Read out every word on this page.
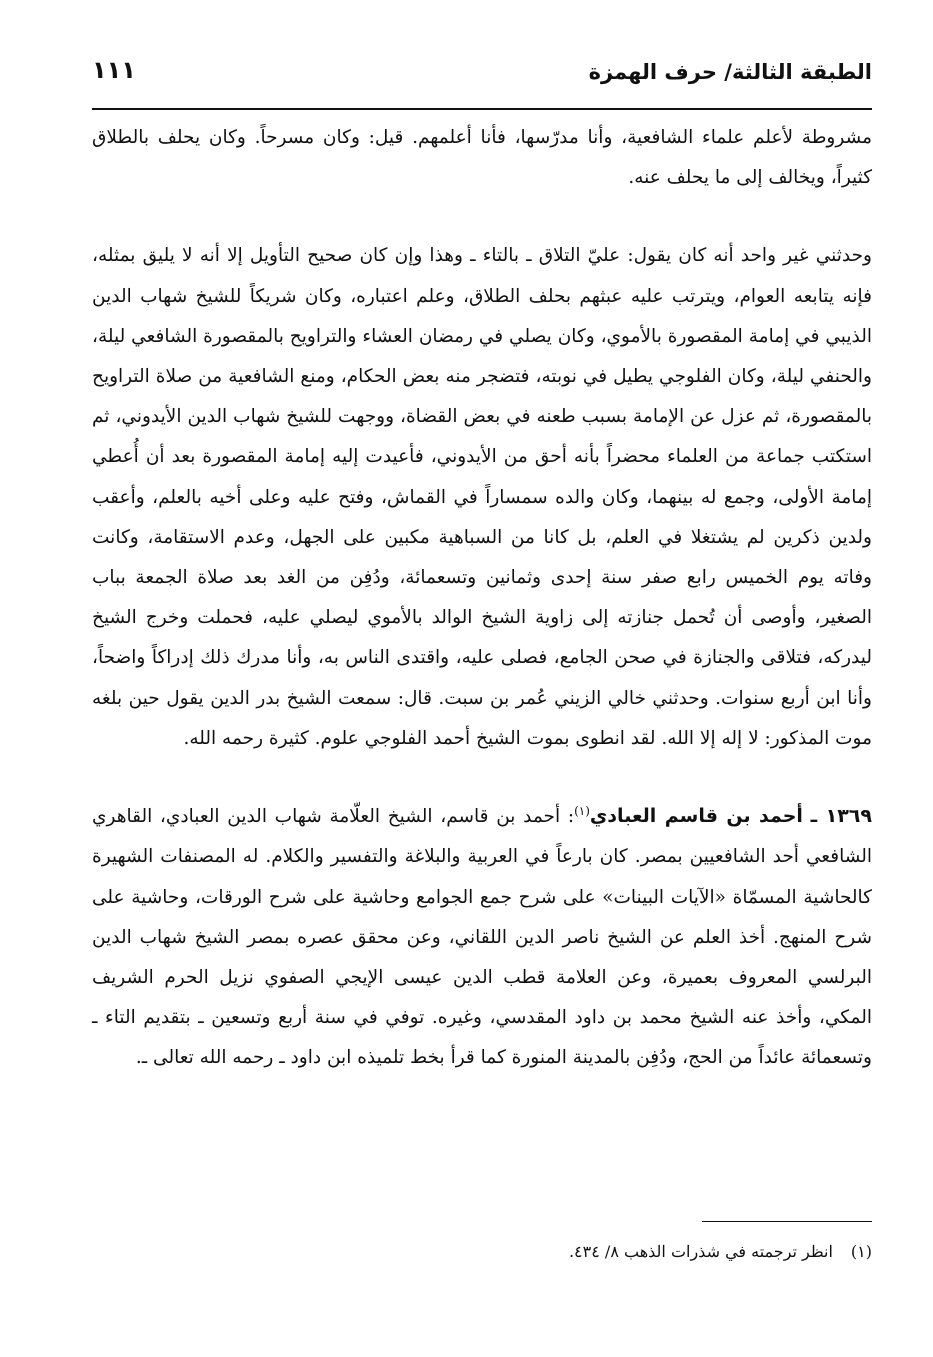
الطبقة الثالثة/ حرف الهمزة
١١١

مشروطة لأعلم علماء الشافعية، وأنا مدرّسها، فأنا أعلمهم. قيل: وكان مسرحاً. وكان يحلف بالطلاق كثيراً، ويخالف إلى ما يحلف عنه.

وحدثني غير واحد أنه كان يقول: عليّ التلاق ـ بالتاء ـ وهذا وإن كان صحيح التأويل إلا أنه لا يليق بمثله، فإنه يتابعه العوام، ويترتب عليه عبثهم بحلف الطلاق، وعلم اعتباره، وكان شريكاً للشيخ شهاب الدين الذيبي في إمامة المقصورة بالأموي، وكان يصلي في رمضان العشاء والتراويح بالمقصورة الشافعي ليلة، والحنفي ليلة، وكان الفلوجي يطيل في نوبته، فتضجر منه بعض الحكام، ومنع الشافعية من صلاة التراويح بالمقصورة، ثم عزل عن الإمامة بسبب طعنه في بعض القضاة، ووجهت للشيخ شهاب الدين الأيدوني، ثم استكتب جماعة من العلماء محضراً بأنه أحق من الأيدوني، فأعيدت إليه إمامة المقصورة بعد أن أُعطي إمامة الأولى، وجمع له بينهما، وكان والده سمساراً في القماش، وفتح عليه وعلى أخيه بالعلم، وأعقب ولدين ذكرين لم يشتغلا في العلم، بل كانا من السباهية مكبين على الجهل، وعدم الاستقامة، وكانت وفاته يوم الخميس رابع صفر سنة إحدى وثمانين وتسعمائة، ودُفِن من الغد بعد صلاة الجمعة بباب الصغير، وأوصى أن تُحمل جنازته إلى زاوية الشيخ الوالد بالأموي ليصلي عليه، فحملت وخرج الشيخ ليدركه، فتلاقى والجنازة في صحن الجامع، فصلى عليه، واقتدى الناس به، وأنا مدرك ذلك إدراكاً واضحاً، وأنا ابن أربع سنوات. وحدثني خالي الزيني عُمر بن سبت. قال: سمعت الشيخ بدر الدين يقول حين بلغه موت المذكور: لا إله إلا الله. لقد انطوى بموت الشيخ أحمد الفلوجي علوم. كثيرة رحمه الله.

١٣٦٩ ـ أحمد بن قاسم العبادي$^{(١)}$: أحمد بن قاسم، الشيخ العلّامة شهاب الدين العبادي، القاهري الشافعي أحد الشافعيين بمصر. كان بارعاً في العربية والبلاغة والتفسير والكلام. له المصنفات الشهيرة كالحاشية المسمّاة «الآيات البينات» على شرح جمع الجوامع وحاشية على شرح الورقات، وحاشية على شرح المنهج. أخذ العلم عن الشيخ ناصر الدين اللقاني، وعن محقق عصره بمصر الشيخ شهاب الدين البرلسي المعروف بعميرة، وعن العلامة قطب الدين عيسى الإيجي الصفوي نزيل الحرم الشريف المكي، وأخذ عنه الشيخ محمد بن داود المقدسي، وغيره. توفي في سنة أربع وتسعين ـ بتقديم التاء ـ وتسعمائة عائداً من الحج، ودُفِن بالمدينة المنورة كما قرأ بخط تلميذه ابن داود ـ رحمه الله تعالى ـ.

(١)انظر ترجمته في شذرات الذهب ٨/ ٤٣٤.
